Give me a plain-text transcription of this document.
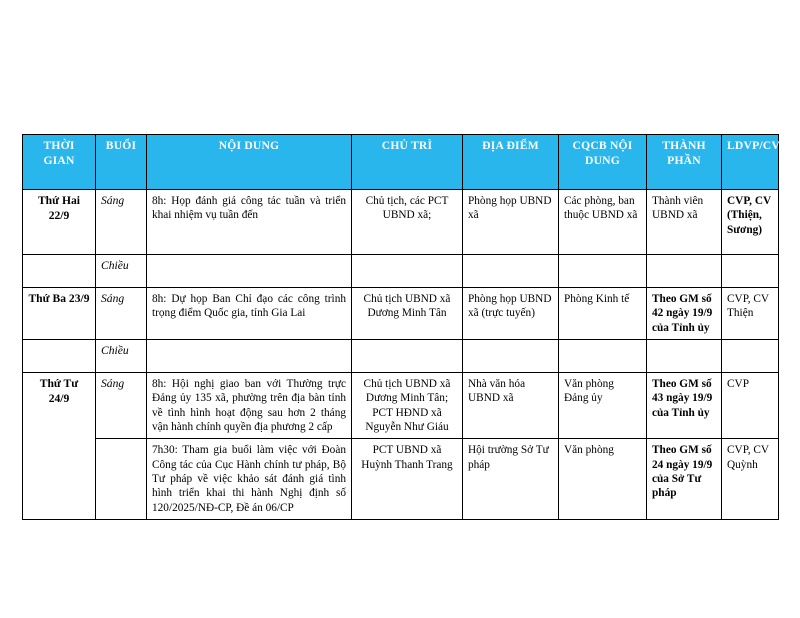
THỜI GIAN	BUỔI	NỘI DUNG	CHỦ TRÌ	ĐỊA ĐIỂM	CQCB NỘI DUNG	THÀNH PHẦN	LDVP/CV
Thứ Hai 22/9	Sáng	8h: Họp đánh giá công tác tuần và triển khai nhiệm vụ tuần đến	Chủ tịch, các PCT UBND xã;	Phòng họp UBND xã	Các phòng, ban thuộc UBND xã	Thành viên UBND xã	CVP, CV (Thiện, Sương)
	Chiều						
Thứ Ba 23/9	Sáng	8h: Dự họp Ban Chỉ đạo các công trình trọng điểm Quốc gia, tỉnh Gia Lai	Chủ tịch UBND xã Dương Minh Tân	Phòng họp UBND xã (trực tuyến)	Phòng Kinh tế	Theo GM số 42 ngày 19/9 của Tỉnh ủy	CVP, CV Thiện
	Chiều						
Thứ Tư 24/9	Sáng	8h: Hội nghị giao ban với Thường trực Đảng ủy 135 xã, phường trên địa bàn tỉnh về tình hình hoạt động sau hơn 2 tháng vận hành chính quyền địa phương 2 cấp	Chủ tịch UBND xã Dương Minh Tân; PCT HĐND xã Nguyễn Như Giáu	Nhà văn hóa UBND xã	Văn phòng Đảng ủy	Theo GM số 43 ngày 19/9 của Tỉnh ủy	CVP
		7h30: Tham gia buổi làm việc với Đoàn Công tác của Cục Hành chính tư pháp, Bộ Tư pháp về việc khảo sát đánh giá tình hình triển khai thi hành Nghị định số 120/2025/NĐ-CP, Đề án 06/CP	PCT UBND xã Huỳnh Thanh Trang	Hội trường Sở Tư pháp	Văn phòng	Theo GM số 24 ngày 19/9 của Sở Tư pháp	CVP, CV Quỳnh
